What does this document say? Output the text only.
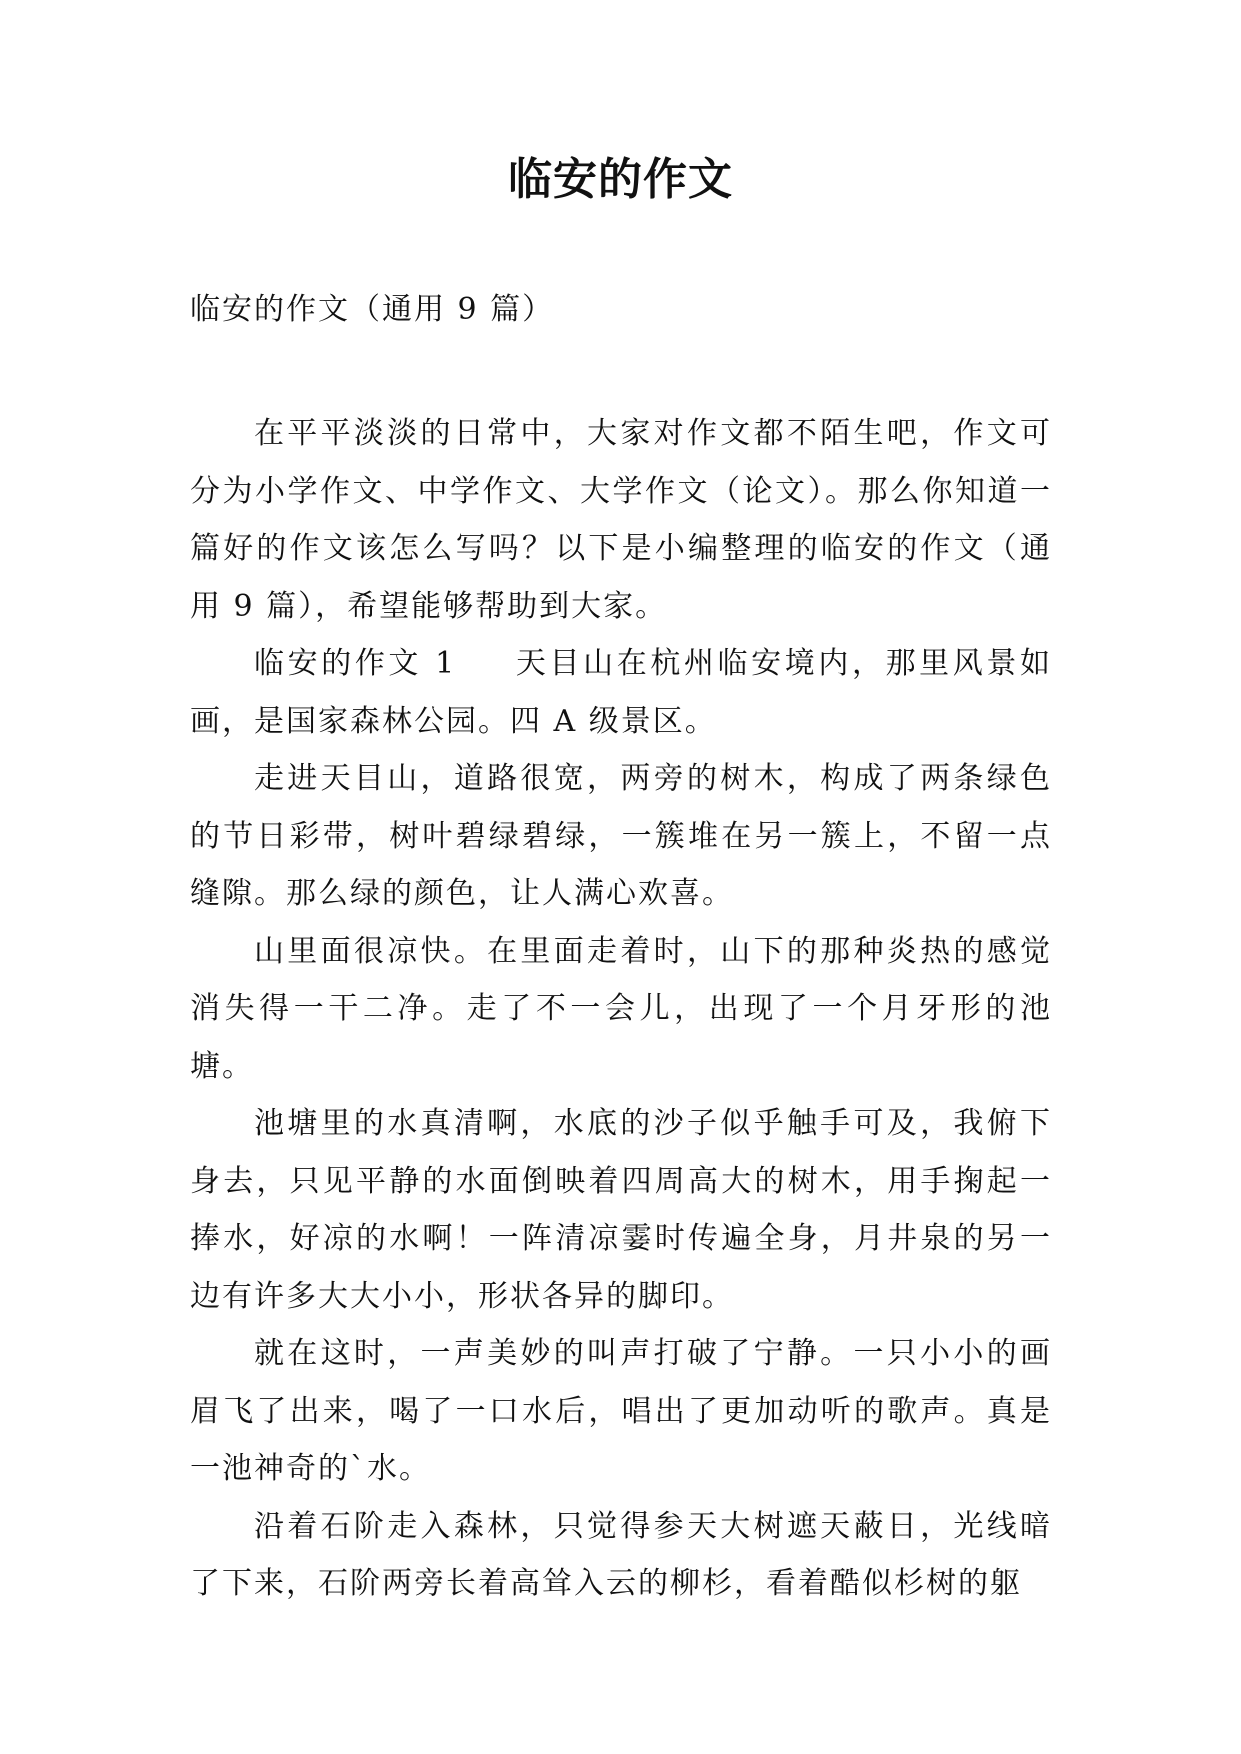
临安的作文

临安的作文（通用 9 篇）

在平平淡淡的日常中，大家对作文都不陌生吧，作文可分为小学作文、中学作文、大学作文（论文）。那么你知道一篇好的作文该怎么写吗？以下是小编整理的临安的作文（通用 9 篇），希望能够帮助到大家。

临安的作文 1 天目山在杭州临安境内，那里风景如画，是国家森林公园。四 A 级景区。

走进天目山，道路很宽，两旁的树木，构成了两条绿色的节日彩带，树叶碧绿碧绿，一簇堆在另一簇上，不留一点缝隙。那么绿的颜色，让人满心欢喜。

山里面很凉快。在里面走着时，山下的那种炎热的感觉消失得一干二净。走了不一会儿，出现了一个月牙形的池塘。

池塘里的水真清啊，水底的沙子似乎触手可及，我俯下身去，只见平静的水面倒映着四周高大的树木，用手掬起一捧水，好凉的水啊！一阵清凉霎时传遍全身，月井泉的另一边有许多大大小小，形状各异的脚印。

就在这时，一声美妙的叫声打破了宁静。一只小小的画眉飞了出来，喝了一口水后，唱出了更加动听的歌声。真是一池神奇的`水。

沿着石阶走入森林，只觉得参天大树遮天蔽日，光线暗了下来，石阶两旁长着高耸入云的柳杉，看着酷似杉树的躯
